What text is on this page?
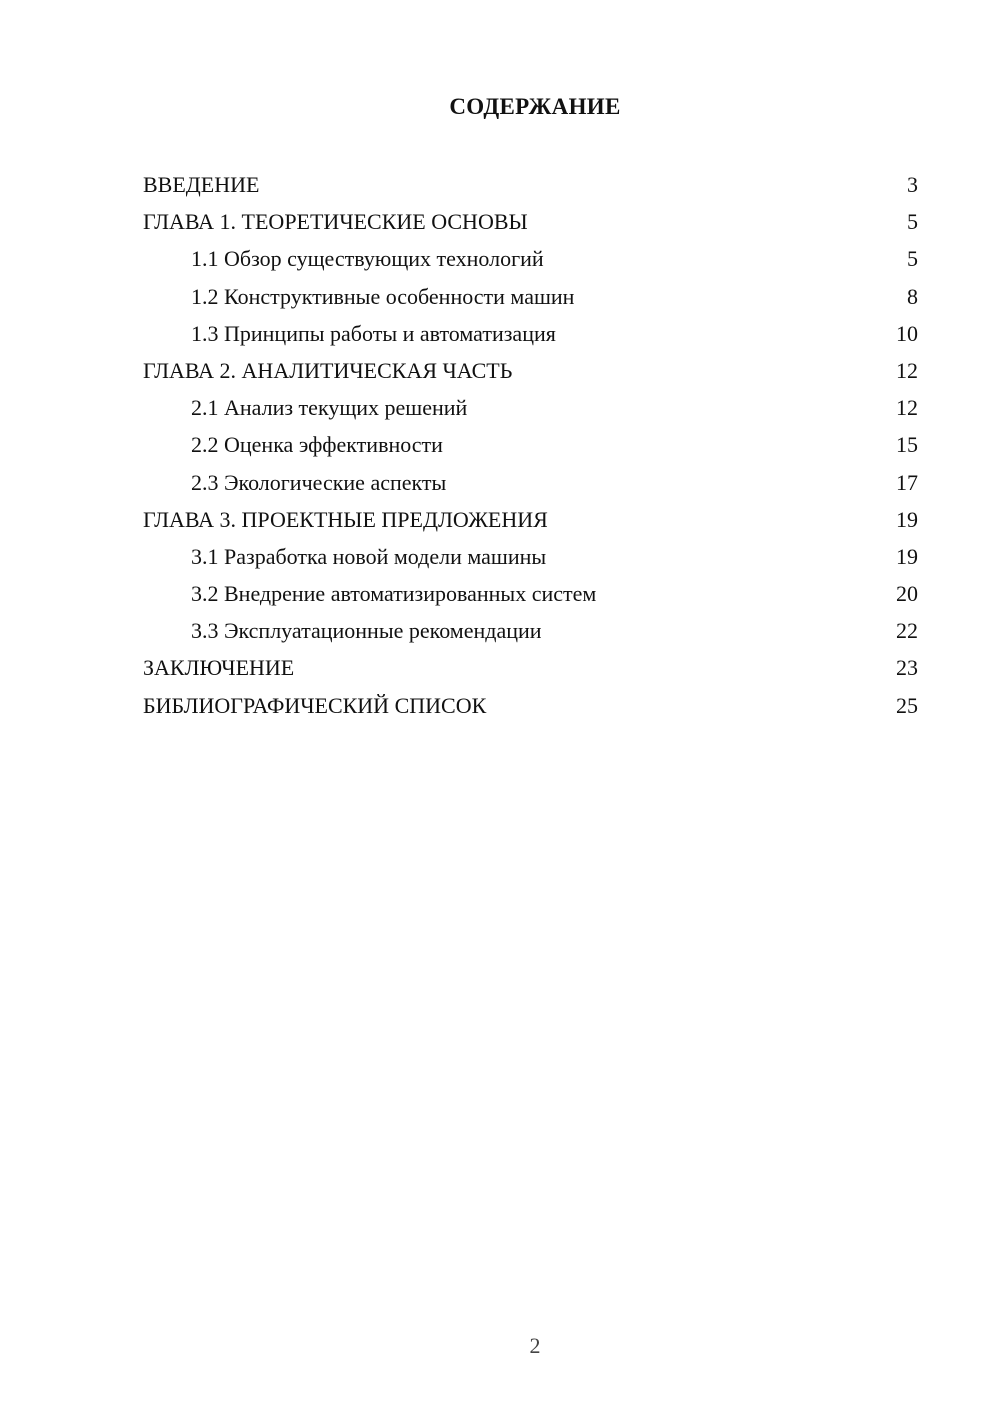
СОДЕРЖАНИЕ
ВВЕДЕНИЕ	3
ГЛАВА 1. ТЕОРЕТИЧЕСКИЕ ОСНОВЫ	5
1.1 Обзор существующих технологий	5
1.2 Конструктивные особенности машин	8
1.3 Принципы работы и автоматизация	10
ГЛАВА 2. АНАЛИТИЧЕСКАЯ ЧАСТЬ	12
2.1 Анализ текущих решений	12
2.2 Оценка эффективности	15
2.3 Экологические аспекты	17
ГЛАВА 3. ПРОЕКТНЫЕ ПРЕДЛОЖЕНИЯ	19
3.1 Разработка новой модели машины	19
3.2 Внедрение автоматизированных систем	20
3.3 Эксплуатационные рекомендации	22
ЗАКЛЮЧЕНИЕ	23
БИБЛИОГРАФИЧЕСКИЙ СПИСОК	25
2
